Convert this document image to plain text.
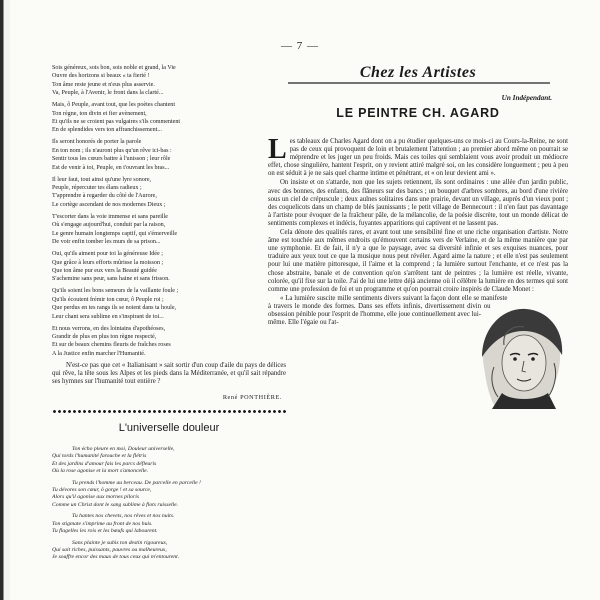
— 7 —
Sois généreux, sois bon, sois noble et grand, la Vie
Ouvre des horizons si beaux « ta fierté !
Ton âme reste jeune et n'eus plus asservie.
Va, Peuple, à l'Avenir, le front dans la clarté...
Mais, ô Peuple, avant tout, que les poètes chantent
Ton règne, ton divin et fier avènement,
Et qu'ils ne se croient pas vulgaires s'ils commentent
En de splendides vers ton affranchissement...
Ils seront honorés de porter la parole
En ton nom ; ils n'auront plus qu'un rêve ici-bas :
Sentir tous les cœurs battre à l'unisson ; leur rôle
Est de venir à toi, Peuple, en t'ouvrant les bras...
Il leur faut, tout ainsi qu'une lyre sonore,
Peuple, répercuter tes élans radieux ;
T'apprendre à regarder du côté de l'Aurore,
Le cortège ascendant de nos modernes Dieux ;
T'escorter dans la voie immense et sans pareille
Où s'engage aujourd'hui, conduit par la raison,
Le genre humain longtemps captif, qui s'émerveille
De voir enfin tomber les murs de sa prison...
Oui, qu'ils aiment pour toi la généreuse Idée ;
Que grâce à leurs efforts mûrisse la moisson ;
Que ton âme pur eux vers la Beauté guidée
S'achemine sans peur, sans haine et sans frisson.
Qu'ils soient les bons semeurs de la vaillante foule ;
Qu'ils écoutent frémir ton cœur, ô Peuple roi ;
Que perdus en tes rangs ils se noient dans ta houle,
Leur chant sera sublime en s'inspirant de toi...
Et nous verrons, en des lointains d'apothéoses,
Grandir de plus en plus ton règne respecté,
Et sur de beaux chemins fleuris de fraîches roses
A la Justice enfin marcher l'Humanité.

N'est-ce pas que cet « Italianisant » sait sortir d'un coup d'aile du pays de délices qui rêve, la tête sous les Alpes et les pieds dans la Méditerranée, et qu'il sait répandre ses hymnes sur l'humanité tout entière ?

René PONTHIÈRE.
L'universelle douleur
Ton écho pleure en moi, Douleur universelle,
Qui tords l'humanité farouche et la flétris
Et des jardins d'amour fais les parcs défleuris
Où la rose agonise et la mort s'amoncelle.
Tu prends l'homme au berceau. De parcelle en parcelle !
Tu dévores son cœur, ô gorge ! et sa source,
Alors qu'il agonise aux mornes piloris
Comme un Christ dont le sang sublime à flots ruisselle.
Tu hantes nos chevets, nos rêves et nos nuits.
Ton stigmate s'imprime au front de nos huis.
Tu flagelles les rois et les bœufs qui labourent.
Sans plainte je subis ton destin rigoureux,
Qui sait riches, puissants, pauvres ou malheureux,
Je souffre encor des maux de tous ceux qui m'entourent.
Chez les Artistes
Un Indépendant.
LE PEINTRE CH. AGARD

Les tableaux de Charles Agard dont on a pu étudier quelques-uns ce mois-ci au Cours-la-Reine, ne sont pas de ceux qui provoquent de loin et brutalement l'attention ; au premier abord même on pourrait se méprendre et les juger un peu froids. Mais ces toiles qui semblaient vous avoir produit un médiocre effet, chose singulière, hantent l'esprit, on y revient attiré malgré soi, on les considère longuement ; peu à peu on est séduit à je ne sais quel charme intime et pénétrant, et « on leur devient ami ».

On insiste et on s'attarde, non que les sujets retiennent, ils sont ordinaires : une allée d'un jardin public, avec des bonnes, des enfants, des flâneurs sur des bancs ; un bouquet d'arbres sombres, au bord d'une rivière sous un ciel de crépuscule ; deux aulnes solitaires dans une prairie, devant un village, auprès d'un vieux pont ; des coquelicots dans un champ de blés jaunissants ; le petit village de Bennecourt : il n'en faut pas davantage à l'artiste pour évoquer de la fraîcheur pâle, de la mélancolie, de la poésie discrète, tout un monde délicat de sentiments complexes et indécis, fuyantes apparitions qui captivent et ne lassent pas.

Cela dénote des qualités rares, et avant tout une sensibilité fine et une riche organisation d'artiste. Notre âme est touchée aux mêmes endroits qu'émouvent certains vers de Verlaine, et de la même manière que par une symphonie. Et de fait, il n'y a que le paysage, avec sa diversité infinie et ses exquises nuances, pour traduire aux yeux tout ce que la musique nous peut révéler. Agard aime la nature ; et elle n'est pas seulement pour lui une matière pittoresque, il l'aime et la comprend ; la lumière surtout l'enchante, et ce n'est pas la chose abstraite, banale et de convention qu'on s'arrêtent tant de peintres ; la lumière est réelle, vivante, colorée, qu'il fixe sur la toile. J'ai de lui une lettre déjà ancienne où il célèbre la lumière en des termes qui sont comme une profession de foi et un programme et qu'on pourrait croire inspirés de Claude Monet :

« La lumière suscite mille sentiments divers suivant la façon dont elle se manifeste à travers le monde des formes. Dans ses effets infinis, divertissement divin ou obsession pénible pour l'esprit de l'homme, elle joue continuellement avec lui-même. Elle l'égaie ou l'at-
